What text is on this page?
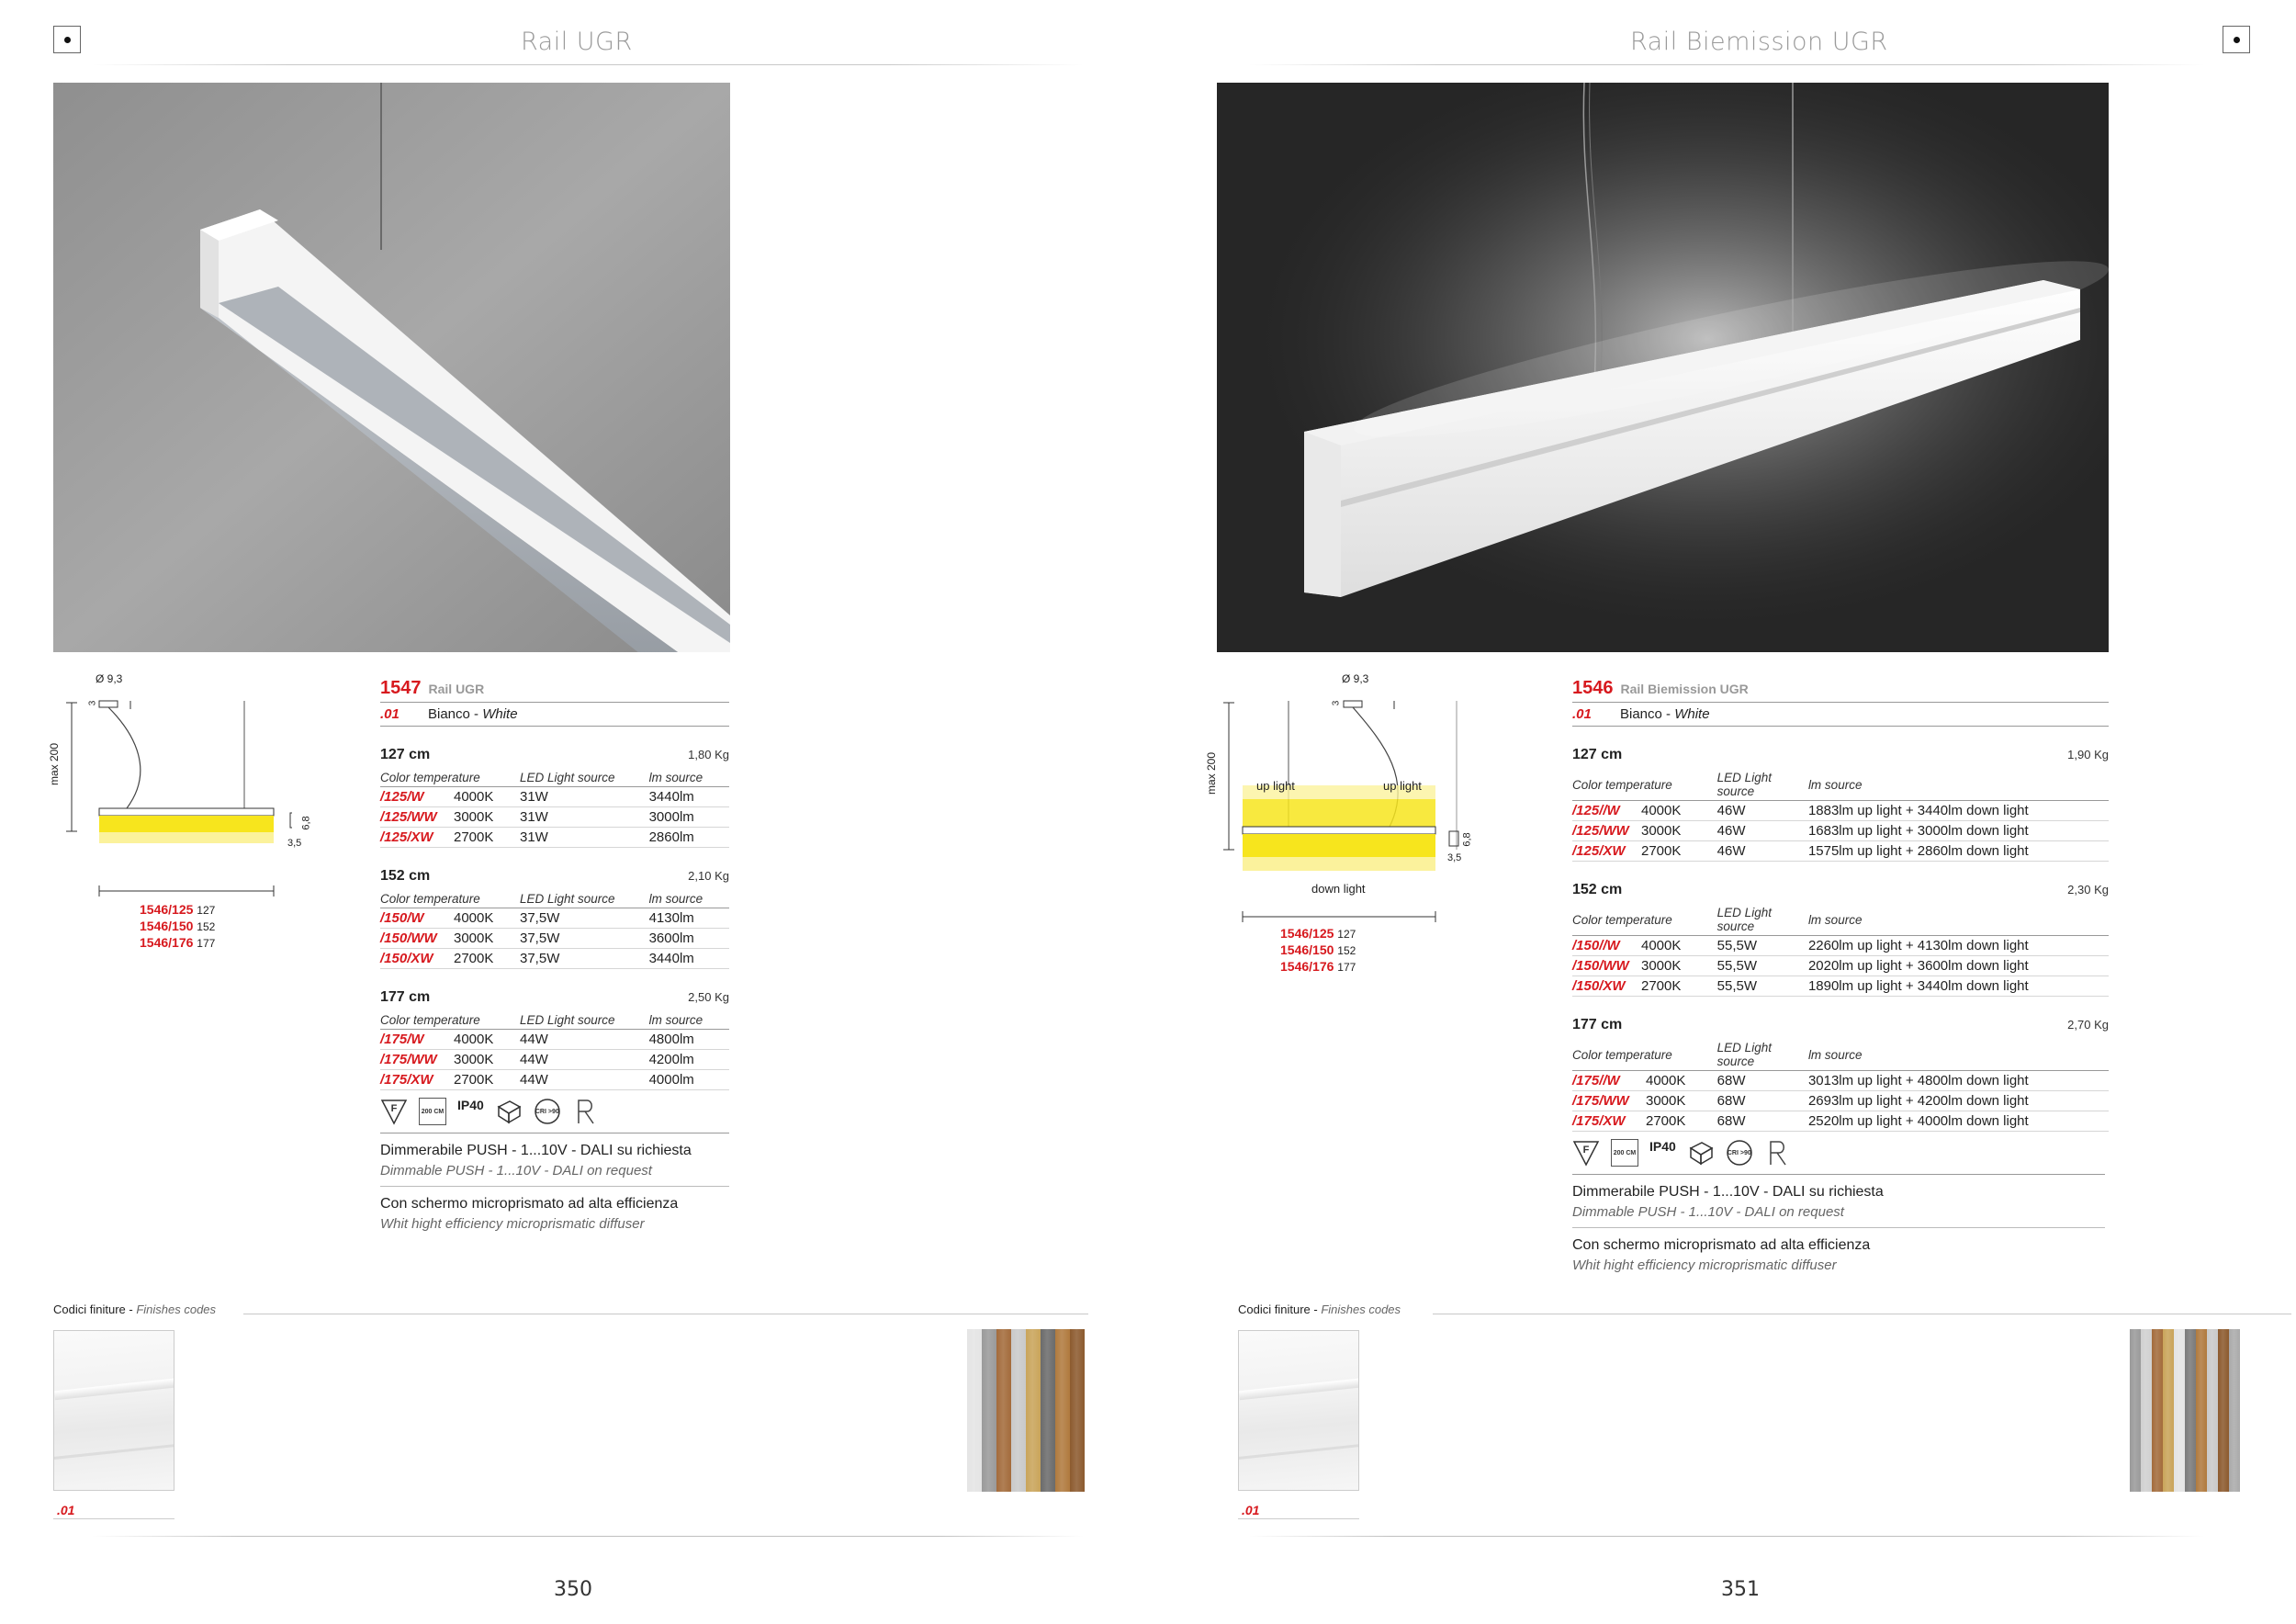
Rail UGR
Ø 9,3
3
max 200
6,8
3,5
1546/125 127
1546/150 152
1546/176 177
1547 Rail UGR
.01	Bianco - White
127 cm	1,80 Kg
Color temperature	LED Light source	lm source
/125/W 4000K	31W	3440lm
/125/WW 3000K	31W	3000lm
/125/XW 2700K	31W	2860lm
152 cm	2,10 Kg
Color temperature	LED Light source	lm source
/150/W 4000K	37,5W	4130lm
/150/WW 3000K	37,5W	3600lm
/150/XW 2700K	37,5W	3440lm
177 cm	2,50 Kg
Color temperature	LED Light source	lm source
/175/W 4000K	44W	4800lm
/175/WW 3000K	44W	4200lm
/175/XW 2700K	44W	4000lm
F	200 CM IP40	CRI >90
Dimmerabile PUSH - 1...10V - DALI su richiesta
Dimmable PUSH - 1...10V - DALI on request
Con schermo microprismato ad alta efficienza
Whit hight efficiency microprismatic diffuser
Codici finiture - Finishes codes
.01
350
Rail Biemission UGR
Ø 9,3
3
max 200	up light	up light
down light
6,8
3,5
1546/125 127
1546/150 152
1546/176 177
1546 Rail Biemission UGR
.01	Bianco - White
127 cm	1,90 Kg
Color temperature	LED Light source	lm source
/125//W 4000K	46W	1883lm up light + 3440lm down light
/125/WW 3000K	46W	1683lm up light + 3000lm down light
/125/XW 2700K	46W	1575lm up light + 2860lm down light
152 cm	2,30 Kg
Color temperature	LED Light source	lm source
/150//W 4000K	55,5W	2260lm up light + 4130lm down light
/150/WW 3000K	55,5W	2020lm up light + 3600lm down light
/150/XW 2700K	55,5W	1890lm up light + 3440lm down light
177 cm	2,70 Kg
Color temperature	LED Light source	lm source
/175//W 4000K	68W	3013lm up light + 4800lm down light
/175/WW 3000K	68W	2693lm up light + 4200lm down light
/175/XW 2700K	68W	2520lm up light + 4000lm down light
F	200 CM IP40	CRI >90
Dimmerabile PUSH - 1...10V - DALI su richiesta
Dimmable PUSH - 1...10V - DALI on request
Con schermo microprismato ad alta efficienza
Whit hight efficiency microprismatic diffuser
Codici finiture - Finishes codes
.01
351
